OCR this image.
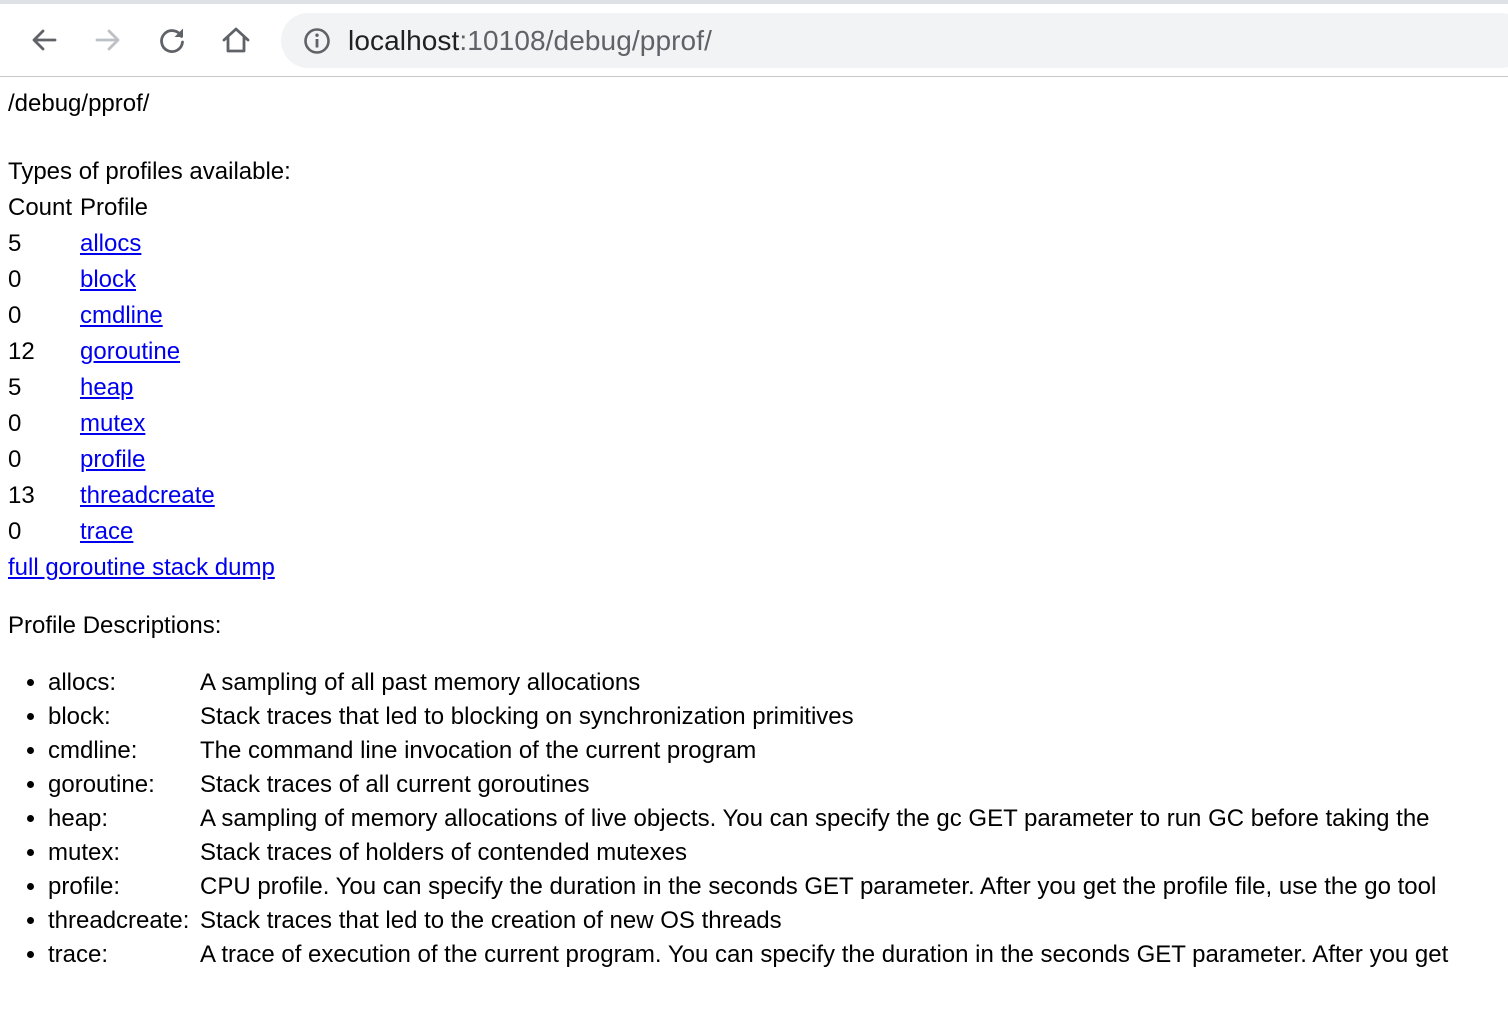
localhost:10108/debug/pprof/
/debug/pprof/
Types of profiles available:
Count	Profile
5	allocs
0	block
0	cmdline
12	goroutine
5	heap
0	mutex
0	profile
13	threadcreate
0	trace
full goroutine stack dump
Profile Descriptions:
• allocs:	A sampling of all past memory allocations
• block:	Stack traces that led to blocking on synchronization primitives
• cmdline:	The command line invocation of the current program
• goroutine: Stack traces of all current goroutines
• heap:	A sampling of memory allocations of live objects. You can specify the gc GET parameter to run GC before taking the
• mutex:	Stack traces of holders of contended mutexes
• profile:	CPU profile. You can specify the duration in the seconds GET parameter. After you get the profile file, use the go tool
• threadcreate: Stack traces that led to the creation of new OS threads
• trace:	A trace of execution of the current program. You can specify the duration in the seconds GET parameter. After you get
